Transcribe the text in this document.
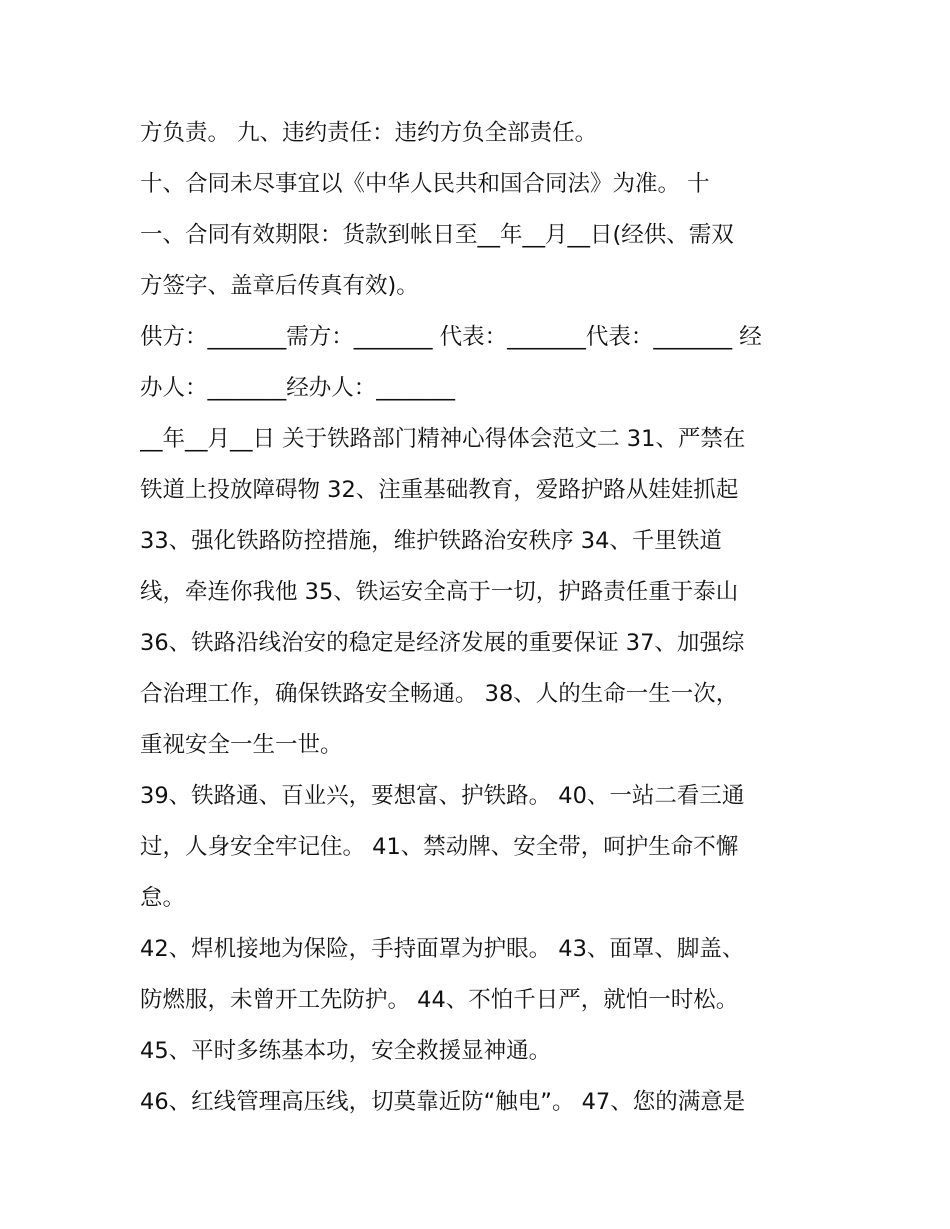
方负责。 九、违约责任：违约方负全部责任。
十、合同未尽事宜以《中华人民共和国合同法》为准。 十
一、合同有效期限：货款到帐日至__年__月__日(经供、需双
方签字、盖章后传真有效)。
供方：_______需方：_______ 代表：_______代表：_______ 经
办人：_______经办人：_______
__年__月__日 关于铁路部门精神心得体会范文二 31、严禁在
铁道上投放障碍物 32、注重基础教育，爱路护路从娃娃抓起
33、强化铁路防控措施，维护铁路治安秩序 34、千里铁道
线，牵连你我他 35、铁运安全高于一切，护路责任重于泰山
36、铁路沿线治安的稳定是经济发展的重要保证 37、加强综
合治理工作，确保铁路安全畅通。 38、人的生命一生一次，
重视安全一生一世。
39、铁路通、百业兴，要想富、护铁路。 40、一站二看三通
过，人身安全牢记住。 41、禁动牌、安全带，呵护生命不懈
怠。
42、焊机接地为保险，手持面罩为护眼。 43、面罩、脚盖、
防燃服，未曾开工先防护。 44、不怕千日严，就怕一时松。
45、平时多练基本功，安全救援显神通。
46、红线管理高压线，切莫靠近防“触电”。 47、您的满意是
